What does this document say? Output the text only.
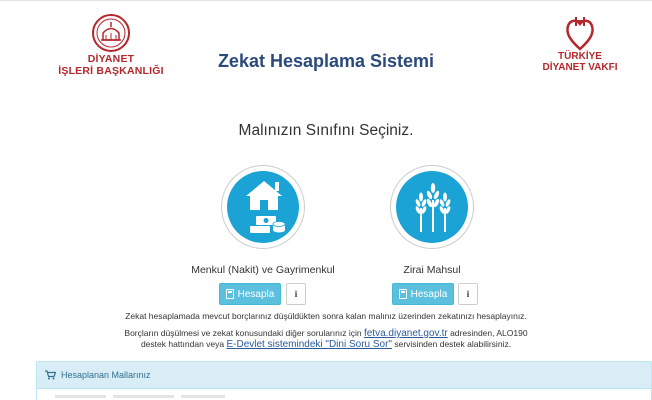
DİYANET
İŞLERİ BAŞKANLIĞI	Zekat Hesaplama Sistemi	TÜRKİYE
DİYANET VAKFI
Malınızın Sınıfını Seçiniz.
Menkul (Nakit) ve Gayrimenkul
Hesapla	i
Zirai Mahsul
Hesapla	i
Zekat hesaplamada mevcut borçlarınız düşüldükten sonra kalan malınız üzerinden zekatınızı hesaplayınız.
Borçların düşülmesi ve zekat konusundaki diğer sorularınız için fetva.diyanet.gov.tr adresinden, ALO190
destek hattından veya E-Devlet sistemindeki "Dini Soru Sor" servisinden destek alabilirsiniz.
Hesaplanan Mallarınız
